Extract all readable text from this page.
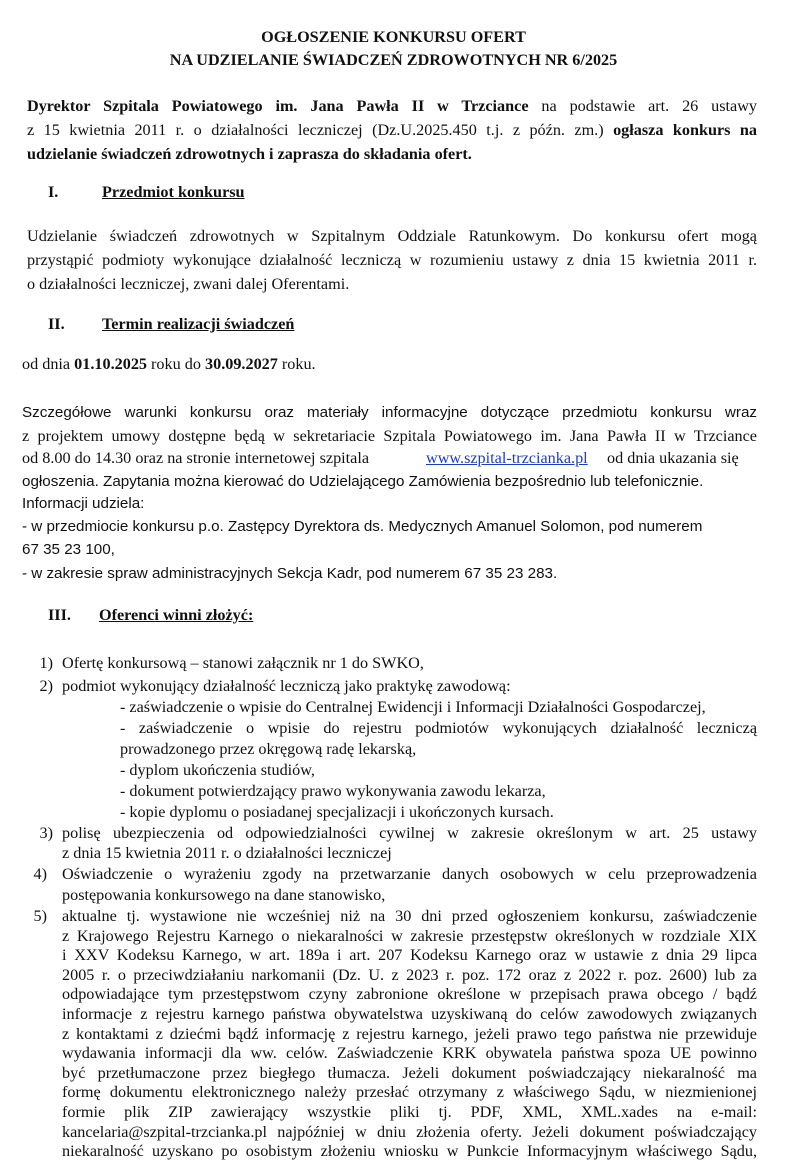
OGŁOSZENIE KONKURSU OFERT
NA UDZIELANIE ŚWIADCZEŃ ZDROWOTNYCH NR 6/2025
Dyrektor Szpitala Powiatowego im. Jana Pawła II w Trzciance na podstawie art. 26 ustawy
z 15 kwietnia 2011 r. o działalności leczniczej (Dz.U.2025.450 t.j. z późn. zm.) ogłasza konkurs na
udzielanie świadczeń zdrowotnych i zaprasza do składania ofert.
I.	Przedmiot konkursu
Udzielanie świadczeń zdrowotnych w Szpitalnym Oddziale Ratunkowym. Do konkursu ofert mogą
przystąpić podmioty wykonujące działalność leczniczą w rozumieniu ustawy z dnia 15 kwietnia 2011 r.
o działalności leczniczej, zwani dalej Oferentami.
II. Termin realizacji świadczeń
od dnia 01.10.2025 roku do 30.09.2027 roku.
Szczegółowe warunki konkursu oraz materiały informacyjne dotyczące przedmiotu konkursu wraz
z projektem umowy dostępne będą w sekretariacie Szpitala Powiatowego im. Jana Pawła II w Trzciance
od 8.00 do 14.30 oraz na stronie internetowej szpitala	www.szpital-trzcianka.pl od dnia ukazania się
ogłoszenia. Zapytania można kierować do Udzielającego Zamówienia bezpośrednio lub telefonicznie.
Informacji udziela:
- w przedmiocie konkursu p.o. Zastępcy Dyrektora ds. Medycznych Amanuel Solomon, pod numerem
67 35 23 100,
- w zakresie spraw administracyjnych Sekcja Kadr, pod numerem 67 35 23 283.
III. Oferenci winni złożyć:
1) Ofertę konkursową – stanowi załącznik nr 1 do SWKO,
2) podmiot wykonujący działalność leczniczą jako praktykę zawodową:
- zaświadczenie o wpisie do Centralnej Ewidencji i Informacji Działalności Gospodarczej,
- zaświadczenie o wpisie do rejestru podmiotów wykonujących działalność leczniczą
prowadzonego przez okręgową radę lekarską,
- dyplom ukończenia studiów,
- dokument potwierdzający prawo wykonywania zawodu lekarza,
- kopie dyplomu o posiadanej specjalizacji i ukończonych kursach.
3) polisę ubezpieczenia od odpowiedzialności cywilnej w zakresie określonym w art. 25 ustawy
z dnia 15 kwietnia 2011 r. o działalności leczniczej
4) Oświadczenie o wyrażeniu zgody na przetwarzanie danych osobowych w celu przeprowadzenia
postępowania konkursowego na dane stanowisko,
5) aktualne tj. wystawione nie wcześniej niż na 30 dni przed ogłoszeniem konkursu, zaświadczenie
z Krajowego Rejestru Karnego o niekaralności w zakresie przestępstw określonych w rozdziale XIX
i XXV Kodeksu Karnego, w art. 189a i art. 207 Kodeksu Karnego oraz w ustawie z dnia 29 lipca
2005 r. o przeciwdziałaniu narkomanii (Dz. U. z 2023 r. poz. 172 oraz z 2022 r. poz. 2600) lub za
odpowiadające tym przestępstwom czyny zabronione określone w przepisach prawa obcego / bądź
informacje z rejestru karnego państwa obywatelstwa uzyskiwaną do celów zawodowych związanych
z kontaktami z dziećmi bądź informację z rejestru karnego, jeżeli prawo tego państwa nie przewiduje
wydawania informacji dla ww. celów. Zaświadczenie KRK obywatela państwa spoza UE powinno
być przetłumaczone przez biegłego tłumacza. Jeżeli dokument poświadczający niekaralność ma
formę dokumentu elektronicznego należy przesłać otrzymany z właściwego Sądu, w niezmienionej
formie plik ZIP zawierający wszystkie pliki tj. PDF, XML, XML.xades na e-mail:
kancelaria@szpital-trzcianka.pl najpóźniej w dniu złożenia oferty. Jeżeli dokument poświadczający
niekaralność uzyskano po osobistym złożeniu wniosku w Punkcie Informacyjnym właściwego Sądu,
